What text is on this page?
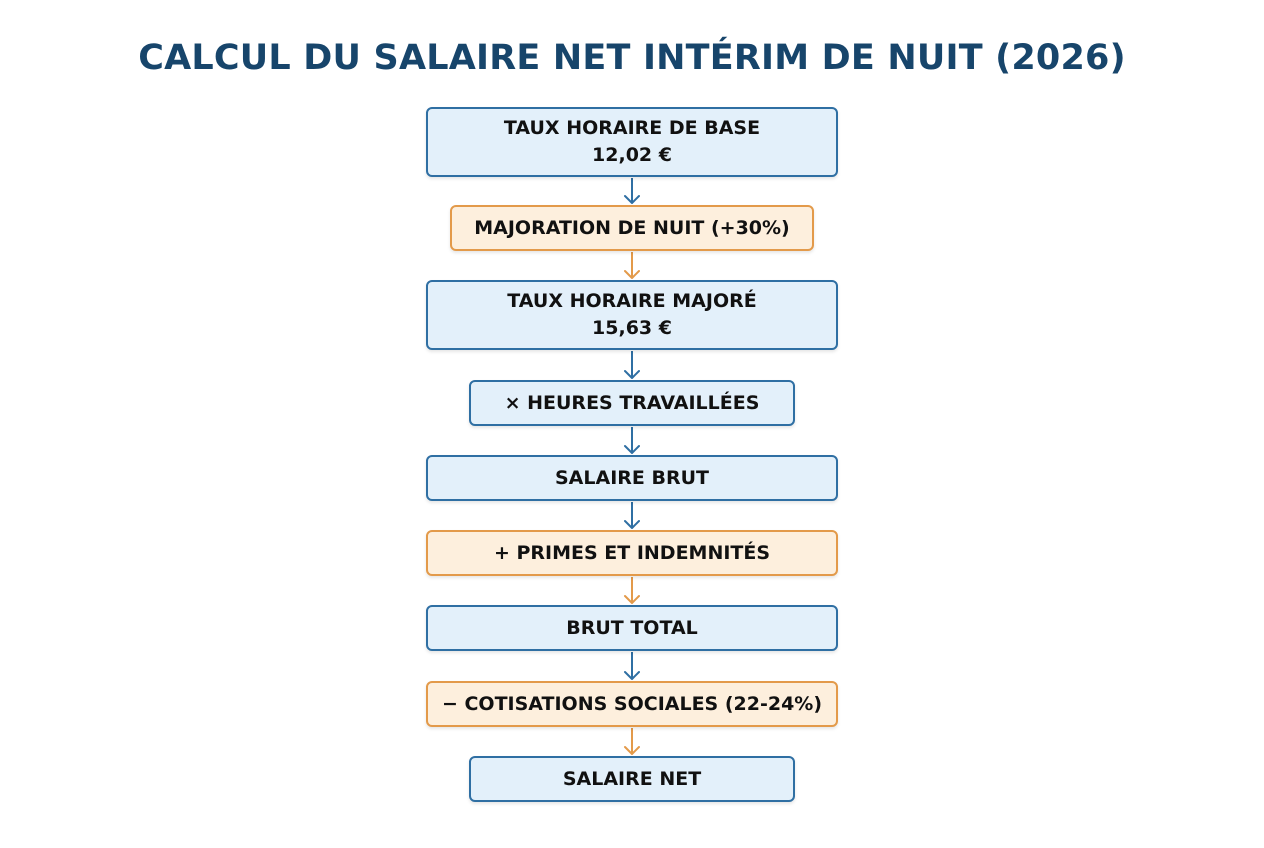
CALCUL DU SALAIRE NET INTÉRIM DE NUIT (2026)
TAUX HORAIRE DE BASE
12,02 €
MAJORATION DE NUIT (+30%)
TAUX HORAIRE MAJORÉ
15,63 €
× HEURES TRAVAILLÉES
SALAIRE BRUT
+ PRIMES ET INDEMNITÉS
BRUT TOTAL
− COTISATIONS SOCIALES (22-24%)
SALAIRE NET
